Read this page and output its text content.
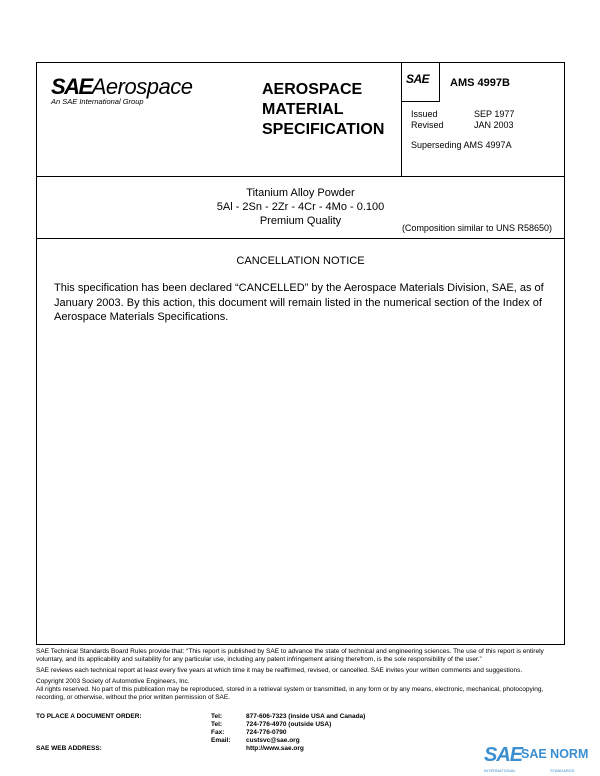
SAEAerospace
An SAE International Group
AEROSPACE
MATERIAL
SPECIFICATION
SAE AMS 4997B
Issued	SEP 1977
Revised	JAN 2003
Superseding AMS 4997A
Titanium Alloy Powder
5Al - 2Sn - 2Zr - 4Cr - 4Mo - 0.100
Premium Quality
(Composition similar to UNS R58650)
CANCELLATION NOTICE
This specification has been declared “CANCELLED” by the Aerospace Materials Division, SAE, as of January 2003. By this action, this document will remain listed in the numerical section of the Index of Aerospace Materials Specifications.

SAE Technical Standards Board Rules provide that: “This report is published by SAE to advance the state of technical and engineering sciences. The use of this report is entirely voluntary, and its applicability and suitability for any particular use, including any patent infringement arising therefrom, is the sole responsibility of the user.”

SAE reviews each technical report at least every five years at which time it may be reaffirmed, revised, or cancelled. SAE invites your written comments and suggestions.

Copyright 2003 Society of Automotive Engineers, Inc.
All rights reserved. No part of this publication may be reproduced, stored in a retrieval system or transmitted, in any form or by any means, electronic, mechanical, photocopying, recording, or otherwise, without the prior written permission of SAE.
TO PLACE A DOCUMENT ORDER:	Tel:	877-606-7323 (inside USA and Canada)
Tel:	724-776-4970 (outside USA)
Fax:	724-776-0790
Email: custsvc@sae.org
SAE WEB ADDRESS:	http://www.sae.org	SAE
SAE NORM
INTERNATIONAL	STANDARDS
